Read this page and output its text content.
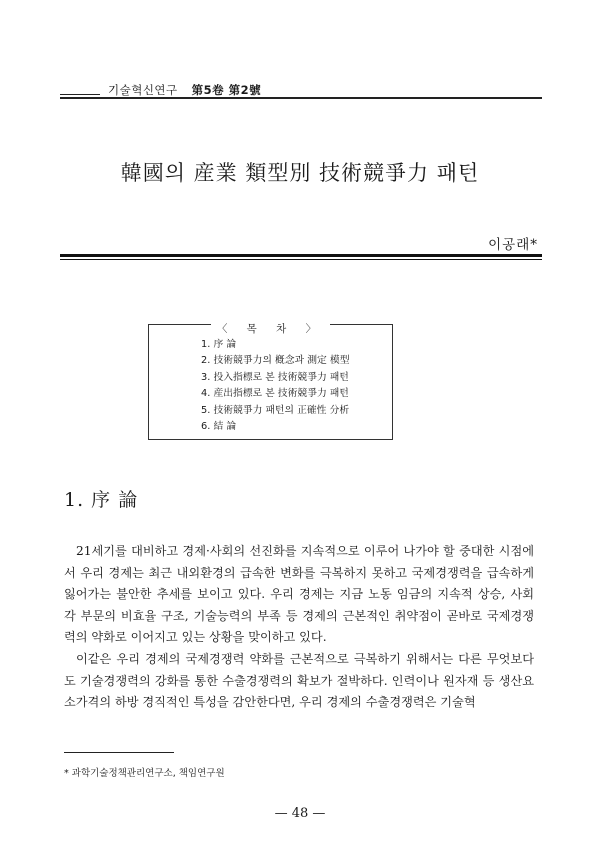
기술혁신연구 第5卷 第2號
韓國의 産業 類型別 技術競爭力 패턴
이공래*
〈 목 차 〉
1. 序 論
2. 技術競爭力의 槪念과 測定 模型
3. 投入指標로 본 技術競爭力 패턴
4. 産出指標로 본 技術競爭力 패턴
5. 技術競爭力 패턴의 正確性 分析
6. 結 論
1. 序 論

21세기를 대비하고 경제·사회의 선진화를 지속적으로 이루어 나가야 할 중대한 시점에서 우리 경제는 최근 내외환경의 급속한 변화를 극복하지 못하고 국제경쟁력을 급속하게 잃어가는 불안한 추세를 보이고 있다. 우리 경제는 지금 노동 임금의 지속적 상승, 사회 각 부문의 비효율 구조, 기술능력의 부족 등 경제의 근본적인 취약점이 곧바로 국제경쟁력의 약화로 이어지고 있는 상황을 맞이하고 있다.

이같은 우리 경제의 국제경쟁력 약화를 근본적으로 극복하기 위해서는 다른 무엇보다도 기술경쟁력의 강화를 통한 수출경쟁력의 확보가 절박하다. 인력이나 원자재 등 생산요소가격의 하방 경직적인 특성을 감안한다면, 우리 경제의 수출경쟁력은 기술혁

* 과학기술정책관리연구소, 책임연구원
— 48 —
